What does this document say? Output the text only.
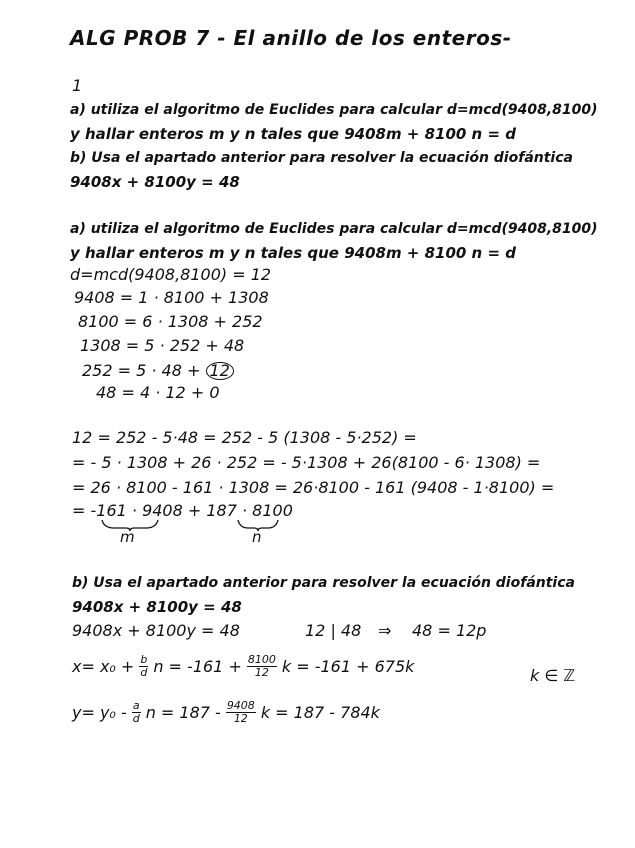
ALG PROB 7 - El anillo de los enteros-
1
a) utiliza el algoritmo de Euclides para calcular d=mcd(9408,8100)
y hallar enteros m y n tales que 9408m + 8100 n = d
b) Usa el apartado anterior para resolver la ecuación diofántica
9408x + 8100y = 48
a) utiliza el algoritmo de Euclides para calcular d=mcd(9408,8100)
y hallar enteros m y n tales que 9408m + 8100 n = d
d=mcd(9408,8100) = 12
9408 = 1 · 8100 + 1308
8100 = 6 · 1308 + 252
1308 = 5 · 252 + 48
252 = 5 · 48 + 12
48 = 4 · 12 + 0
12 = 252 - 5·48 = 252 - 5 (1308 - 5·252) =
= - 5 · 1308 + 26 · 252 = - 5·1308 + 26(8100 - 6· 1308) =
= 26 · 8100 - 161 · 1308 = 26·8100 - 161 (9408 - 1·8100) =
= -161 · 9408 + 187 · 8100
m	n
b) Usa el apartado anterior para resolver la ecuación diofántica
9408x + 8100y = 48
9408x + 8100y = 48	12 | 48 ⇒ 48 = 12p
$x= x_0 + \frac{b}{d}$ $n = -161 + \frac{8100}{12}$ k = -161 + 675k	k ∈ ℤ
$y= y_0 - \frac{a}{d}$ $n = 187 - \frac{9408}{12}$ k = 187 - 784k
